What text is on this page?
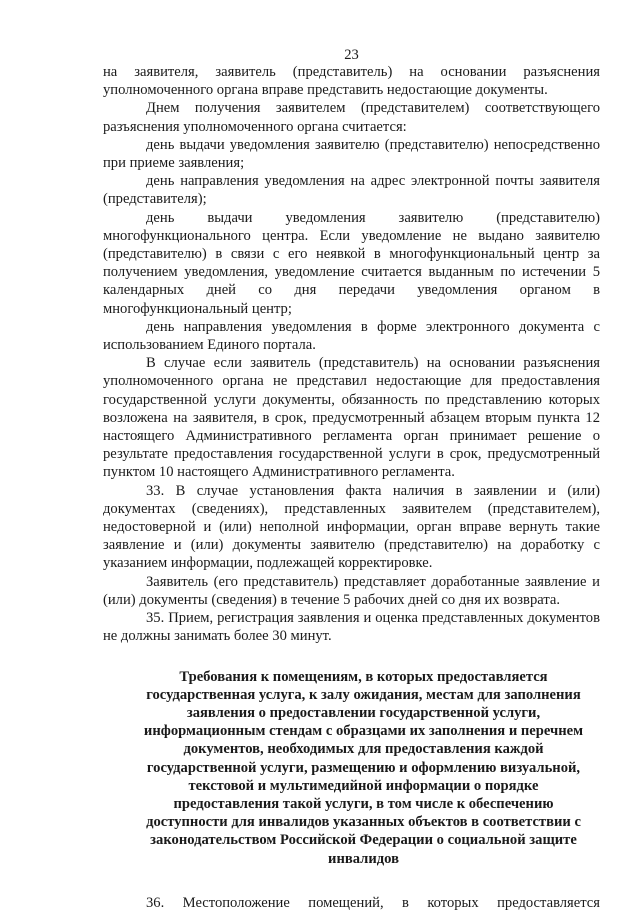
23

на заявителя, заявитель (представитель) на основании разъяснения уполномоченного органа вправе представить недостающие документы.

Днем получения заявителем (представителем) соответствующего разъяснения уполномоченного органа считается:

день выдачи уведомления заявителю (представителю) непосредственно при приеме заявления;

день направления уведомления на адрес электронной почты заявителя (представителя);

день выдачи уведомления заявителю (представителю) многофункционального центра. Если уведомление не выдано заявителю (представителю) в связи с его неявкой в многофункциональный центр за получением уведомления, уведомление считается выданным по истечении 5 календарных дней со дня передачи уведомления органом в многофункциональный центр;

день направления уведомления в форме электронного документа с использованием Единого портала.

В случае если заявитель (представитель) на основании разъяснения уполномоченного органа не представил недостающие для предоставления государственной услуги документы, обязанность по представлению которых возложена на заявителя, в срок, предусмотренный абзацем вторым пункта 12 настоящего Административного регламента орган принимает решение о результате предоставления государственной услуги в срок, предусмотренный пунктом 10 настоящего Административного регламента.

33. В случае установления факта наличия в заявлении и (или) документах (сведениях), представленных заявителем (представителем), недостоверной и (или) неполной информации, орган вправе вернуть такие заявление и (или) документы заявителю (представителю) на доработку с указанием информации, подлежащей корректировке.

Заявитель (его представитель) представляет доработанные заявление и (или) документы (сведения) в течение 5 рабочих дней со дня их возврата.

35. Прием, регистрация заявления и оценка представленных документов не должны занимать более 30 минут.

Требования к помещениям, в которых предоставляется

государственная услуга, к залу ожидания, местам для заполнения

заявления о предоставлении государственной услуги,

информационным стендам с образцами их заполнения и перечнем

документов, необходимых для предоставления каждой

государственной услуги, размещению и оформлению визуальной,

текстовой и мультимедийной информации о порядке

предоставления такой услуги, в том числе к обеспечению

доступности для инвалидов указанных объектов в соответствии с

законодательством Российской Федерации о социальной защите

инвалидов

36. Местоположение помещений, в которых предоставляется
